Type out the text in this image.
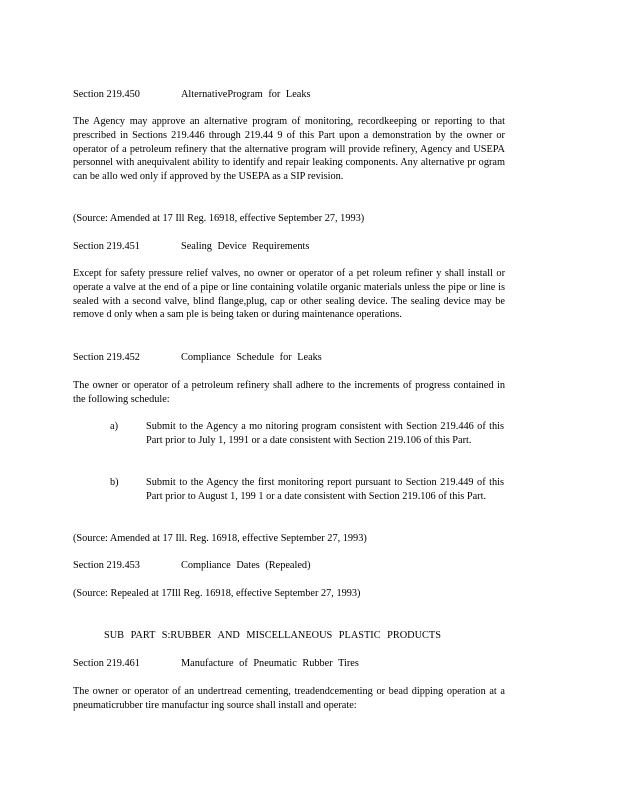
Section 219.450	AlternativeProgram for Leaks

The Agency may approve an alternative program of monitoring, recordkeeping or reporting to that prescribed in Sections 219.446 through 219.44 9 of this Part upon a demonstration by the owner or operator of a petroleum refinery that the alternative program will provide refinery, Agency and USEPA personnel with anequivalent ability to identify and repair leaking components. Any alternative pr ogram can be allo wed only if approved by the USEPA as a SIP revision.

(Source: Amended at 17 Ill Reg. 16918, effective September 27, 1993)

Section 219.451	Sealing Device Requirements

Except for safety pressure relief valves, no owner or operator of a pet roleum refiner y shall install or operate a valve at the end of a pipe or line containing volatile organic materials unless the pipe or line is sealed with a second valve, blind flange,plug, cap or other sealing device. The sealing device may be remove d only when a sam ple is being taken or during maintenance operations.

Section 219.452	Compliance Schedule for Leaks

The owner or operator of a petroleum refinery shall adhere to the increments of progress contained in the following schedule:

a)	Submit to the Agency a mo nitoring program consistent with Section 219.446 of this Part prior to July 1, 1991 or a date consistent with Section 219.106 of this Part.
b)	Submit to the Agency the first monitoring report pursuant to Section 219.449 of this Part prior to August 1, 199 1 or a date consistent with Section 219.106 of this Part.

(Source: Amended at 17 Ill. Reg. 16918, effective September 27, 1993)

Section 219.453	Compliance Dates (Repealed)

(Source: Repealed at 17Ill Reg. 16918, effective September 27, 1993)

SUB PART S:RUBBER AND MISCELLANEOUS PLASTIC PRODUCTS
Section 219.461	Manufacture of Pneumatic Rubber Tires

The owner or operator of an undertread cementing, treadendcementing or bead dipping operation at a pneumaticrubber tire manufactur ing source shall install and operate:
